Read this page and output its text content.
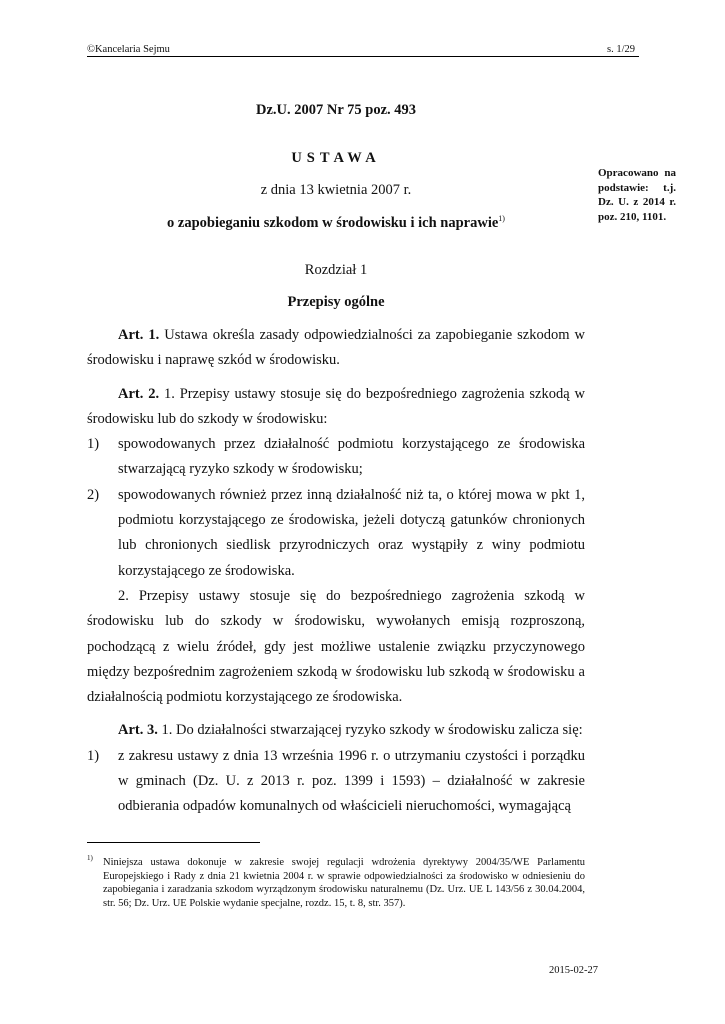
©Kancelaria Sejmu	s. 1/29
Dz.U. 2007 Nr 75 poz. 493
USTAWA
z dnia 13 kwietnia 2007 r.
o zapobieganiu szkodom w środowisku i ich naprawie$^{1)}$
Rozdział 1
Przepisy ogólne
Opracowano na podstawie: t.j. Dz. U. z 2014 r. poz. 210, 1101.

Art. 1. Ustawa określa zasady odpowiedzialności za zapobieganie szkodom w środowisku i naprawę szkód w środowisku.

Art. 2. 1. Przepisy ustawy stosuje się do bezpośredniego zagrożenia szkodą w środowisku lub do szkody w środowisku:

1) spowodowanych przez działalność podmiotu korzystającego ze środowiska stwarzającą ryzyko szkody w środowisku;
2) spowodowanych również przez inną działalność niż ta, o której mowa w pkt 1, podmiotu korzystającego ze środowiska, jeżeli dotyczą gatunków chronionych lub chronionych siedlisk przyrodniczych oraz wystąpiły z winy podmiotu korzystającego ze środowiska.

2. Przepisy ustawy stosuje się do bezpośredniego zagrożenia szkodą w środowisku lub do szkody w środowisku, wywołanych emisją rozproszoną, pochodzącą z wielu źródeł, gdy jest możliwe ustalenie związku przyczynowego między bezpośrednim zagrożeniem szkodą w środowisku lub szkodą w środowisku a działalnością podmiotu korzystającego ze środowiska.

Art. 3. 1. Do działalności stwarzającej ryzyko szkody w środowisku zalicza się:

1) z zakresu ustawy z dnia 13 września 1996 r. o utrzymaniu czystości i porządku w gminach (Dz. U. z 2013 r. poz. 1399 i 1593) – działalność w zakresie odbierania odpadów komunalnych od właścicieli nieruchomości, wymagającą
1) Niniejsza ustawa dokonuje w zakresie swojej regulacji wdrożenia dyrektywy 2004/35/WE Parlamentu Europejskiego i Rady z dnia 21 kwietnia 2004 r. w sprawie odpowiedzialności za środowisko w odniesieniu do zapobiegania i zaradzania szkodom wyrządzonym środowisku naturalnemu (Dz. Urz. UE L 143/56 z 30.04.2004, str. 56; Dz. Urz. UE Polskie wydanie specjalne, rozdz. 15, t. 8, str. 357).
2015-02-27
